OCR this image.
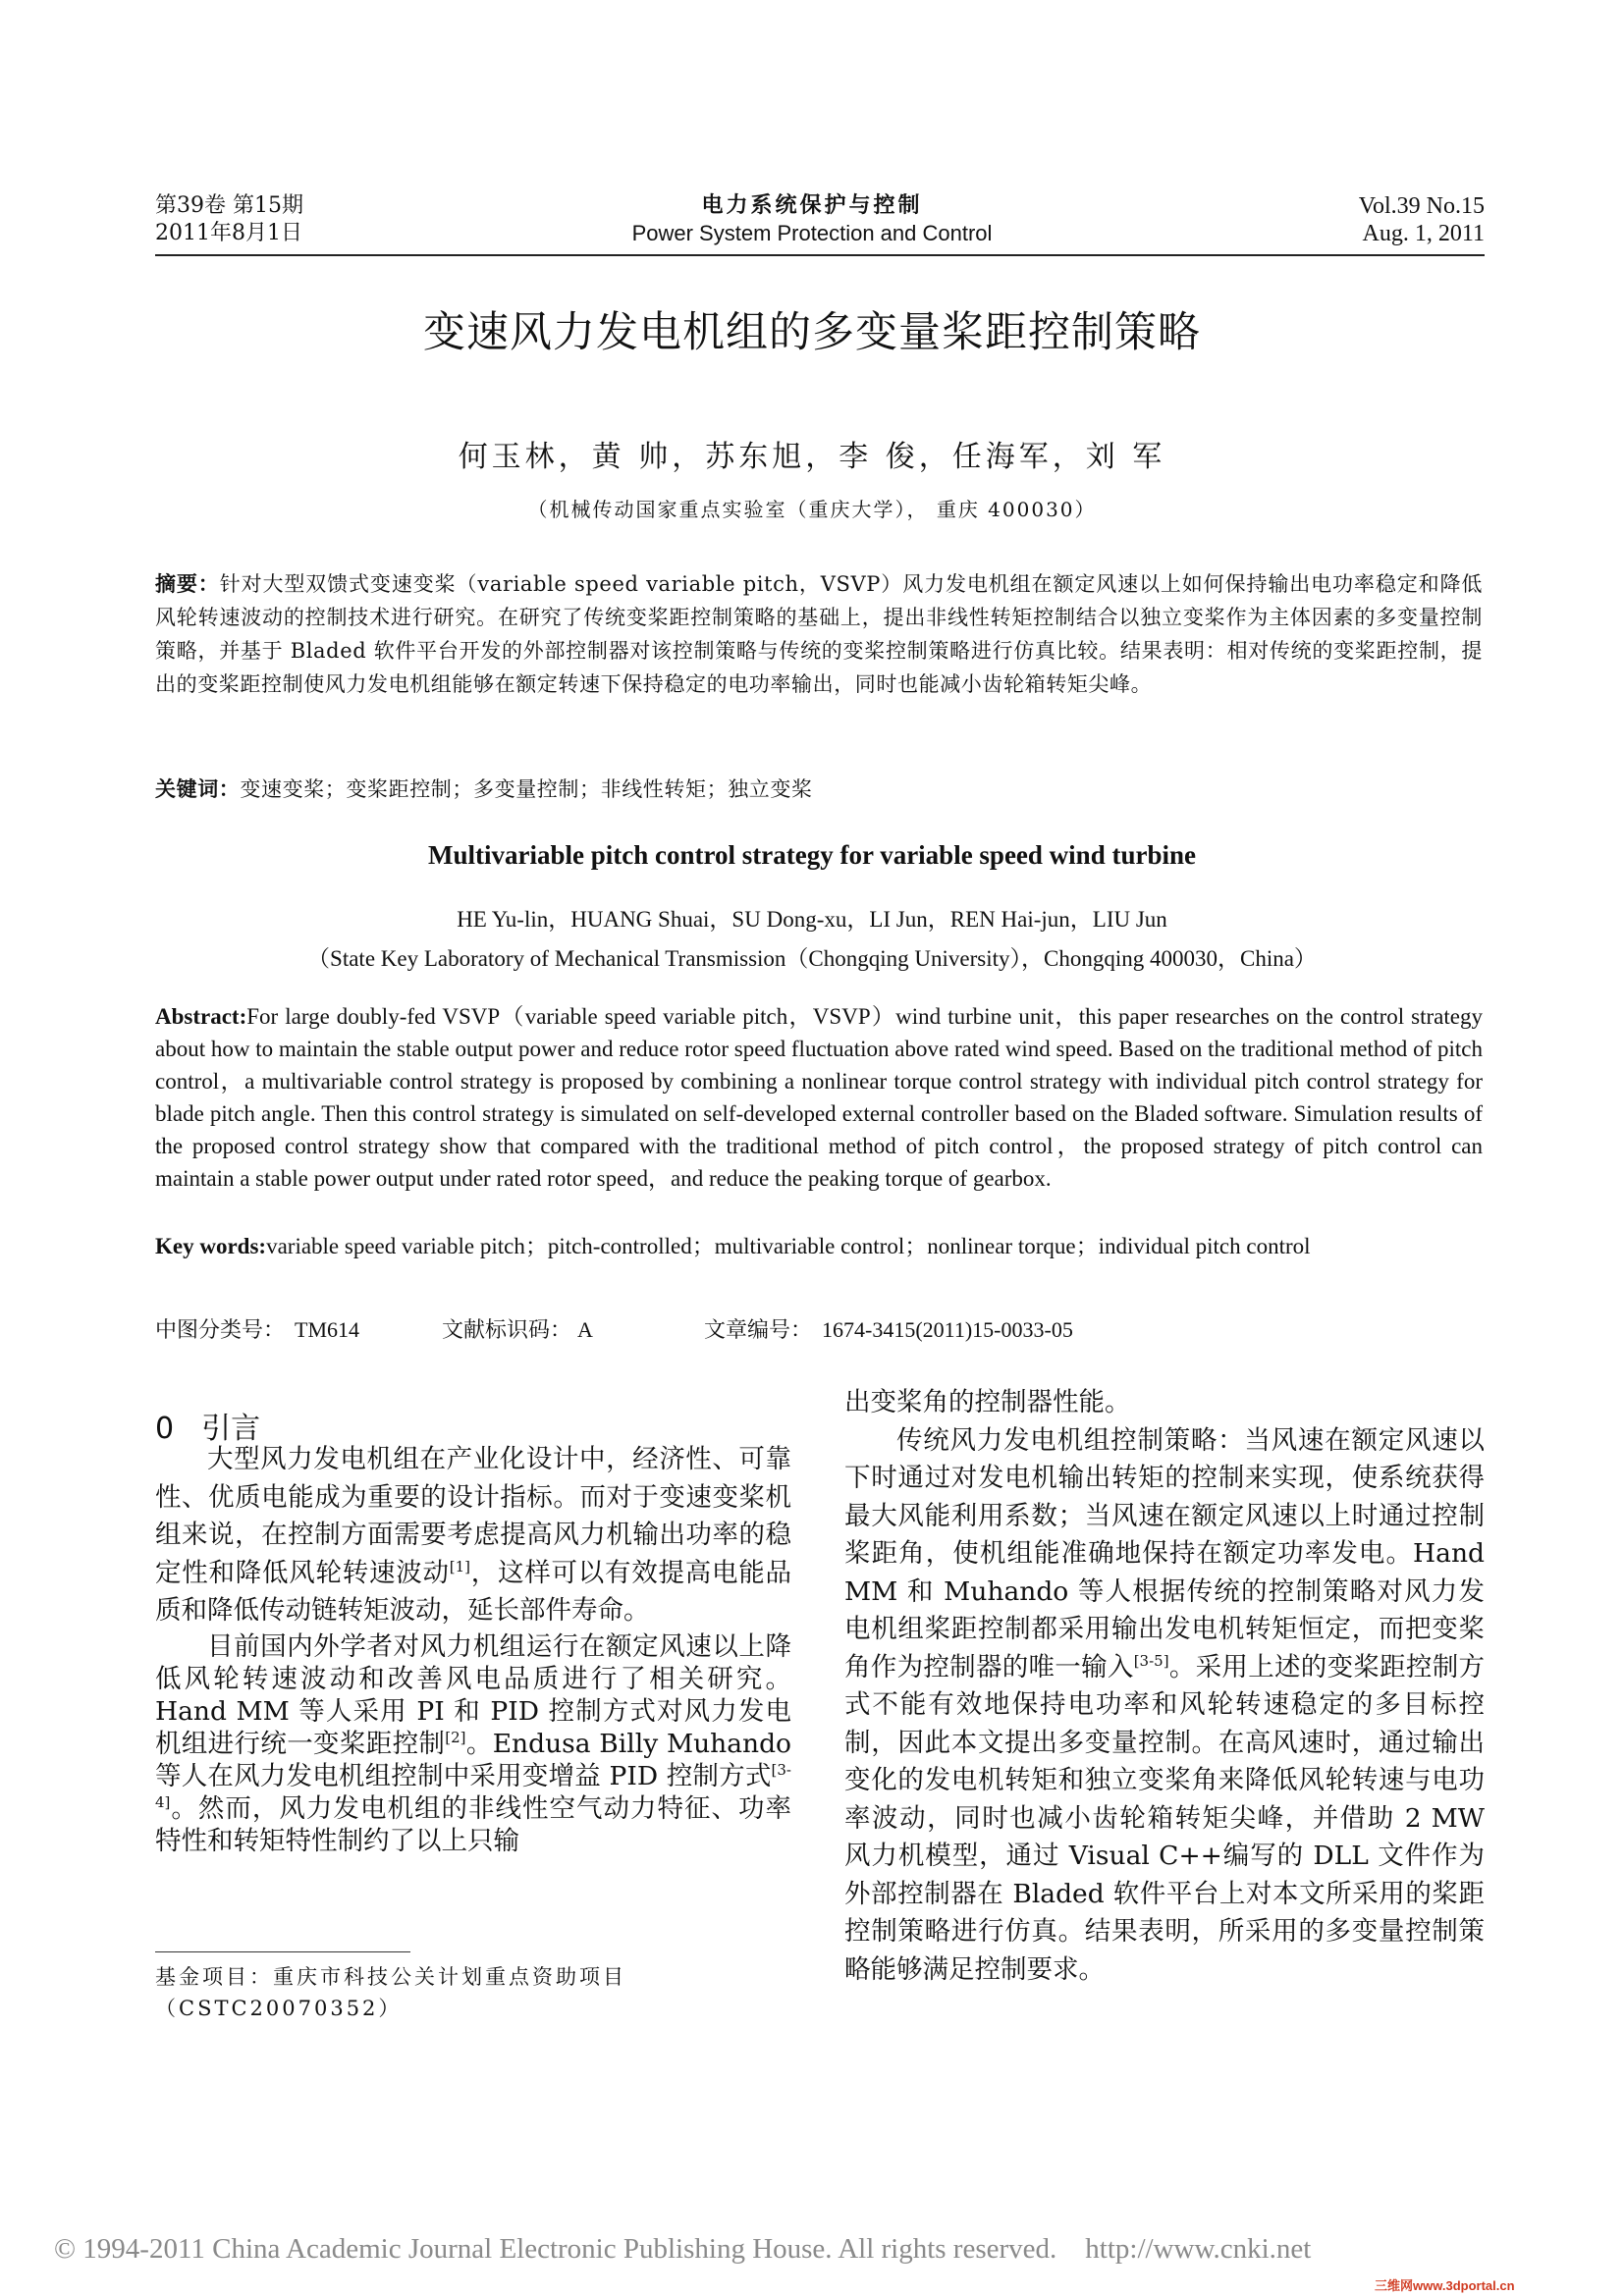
第39卷 第15期
2011年8月1日
电力系统保护与控制
Power System Protection and Control
Vol.39 No.15
Aug. 1, 2011
变速风力发电机组的多变量桨距控制策略
何玉林，黄 帅，苏东旭，李 俊，任海军，刘 军
（机械传动国家重点实验室（重庆大学）， 重庆 400030）
摘要：针对大型双馈式变速变桨（variable speed variable pitch，VSVP）风力发电机组在额定风速以上如何保持输出电功率稳定和降低风轮转速波动的控制技术进行研究。在研究了传统变桨距控制策略的基础上，提出非线性转矩控制结合以独立变桨作为主体因素的多变量控制策略，并基于 Bladed 软件平台开发的外部控制器对该控制策略与传统的变桨控制策略进行仿真比较。结果表明：相对传统的变桨距控制，提出的变桨距控制使风力发电机组能够在额定转速下保持稳定的电功率输出，同时也能减小齿轮箱转矩尖峰。
关键词：变速变桨；变桨距控制；多变量控制；非线性转矩；独立变桨
Multivariable pitch control strategy for variable speed wind turbine
HE Yu-lin，HUANG Shuai，SU Dong-xu，LI Jun，REN Hai-jun，LIU Jun
（State Key Laboratory of Mechanical Transmission（Chongqing University），Chongqing 400030，China）
Abstract:For large doubly-fed VSVP（variable speed variable pitch，VSVP）wind turbine unit，this paper researches on the control strategy about how to maintain the stable output power and reduce rotor speed fluctuation above rated wind speed. Based on the traditional method of pitch control，a multivariable control strategy is proposed by combining a nonlinear torque control strategy with individual pitch control strategy for blade pitch angle. Then this control strategy is simulated on self-developed external controller based on the Bladed software. Simulation results of the proposed control strategy show that compared with the traditional method of pitch control，the proposed strategy of pitch control can maintain a stable power output under rated rotor speed，and reduce the peaking torque of gearbox.
Key words:variable speed variable pitch；pitch-controlled；multivariable control；nonlinear torque；individual pitch control
中图分类号： TM614	文献标识码： A	文章编号： 1674-3415(2011)15-0033-05
0 引言

大型风力发电机组在产业化设计中，经济性、可靠性、优质电能成为重要的设计指标。而对于变速变桨机组来说，在控制方面需要考虑提高风力机输出功率的稳定性和降低风轮转速波动[1]，这样可以有效提高电能品质和降低传动链转矩波动，延长部件寿命。

目前国内外学者对风力机组运行在额定风速以上降低风轮转速波动和改善风电品质进行了相关研究。Hand MM 等人采用 PI 和 PID 控制方式对风力发电机组进行统一变桨距控制[2]。Endusa Billy Muhando 等人在风力发电机组控制中采用变增益 PID 控制方式[3-4]。然而，风力发电机组的非线性空气动力特征、功率特性和转矩特性制约了以上只输

基金项目：重庆市科技公关计划重点资助项目（CSTC20070352）

出变桨角的控制器性能。

传统风力发电机组控制策略：当风速在额定风速以下时通过对发电机输出转矩的控制来实现，使系统获得最大风能利用系数；当风速在额定风速以上时通过控制桨距角，使机组能准确地保持在额定功率发电。Hand MM 和 Muhando 等人根据传统的控制策略对风力发电机组桨距控制都采用输出发电机转矩恒定，而把变桨角作为控制器的唯一输入[3-5]。采用上述的变桨距控制方式不能有效地保持电功率和风轮转速稳定的多目标控制，因此本文提出多变量控制。在高风速时，通过输出变化的发电机转矩和独立变桨角来降低风轮转速与电功率波动，同时也减小齿轮箱转矩尖峰，并借助 2 MW 风力机模型，通过 Visual C++编写的 DLL 文件作为外部控制器在 Bladed 软件平台上对本文所采用的桨距控制策略进行仿真。结果表明，所采用的多变量控制策略能够满足控制要求。

© 1994-2011 China Academic Journal Electronic Publishing House. All rights reserved.    http://www.cnki.net
三维网www.3dportal.cn
